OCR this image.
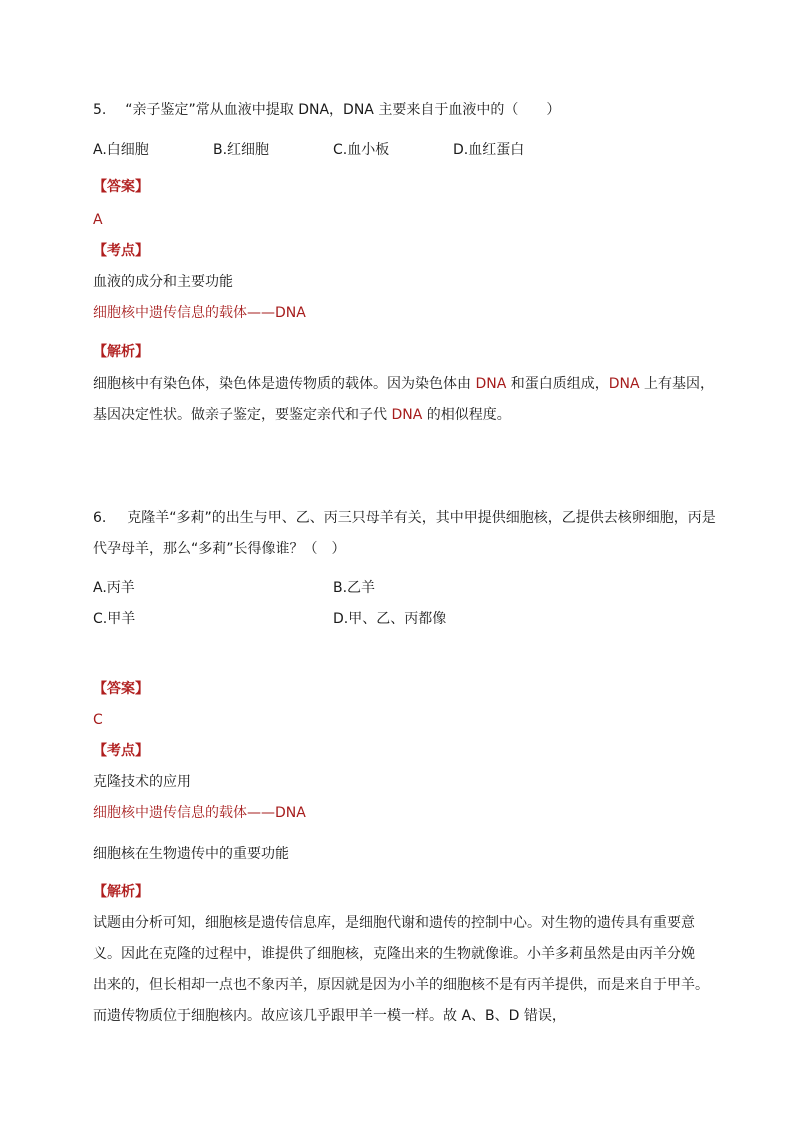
5. “亲子鉴定”常从血液中提取 DNA，DNA 主要来自于血液中的（　　）
A.白细胞	B.红细胞	C.血小板	D.血红蛋白
【答案】
A
【考点】
血液的成分和主要功能
细胞核中遗传信息的载体——DNA
【解析】
细胞核中有染色体，染色体是遗传物质的载体。因为染色体由 DNA 和蛋白质组成，DNA 上有基因，
基因决定性状。做亲子鉴定，要鉴定亲代和子代 DNA 的相似程度。
6. 克隆羊“多莉”的出生与甲、乙、丙三只母羊有关，其中甲提供细胞核，乙提供去核卵细胞，丙是
代孕母羊，那么“多莉”长得像谁？（　）
A.丙羊	B.乙羊
C.甲羊	D.甲、乙、丙都像
【答案】
C
【考点】
克隆技术的应用
细胞核中遗传信息的载体——DNA
细胞核在生物遗传中的重要功能
【解析】
试题由分析可知，细胞核是遗传信息库，是细胞代谢和遗传的控制中心。对生物的遗传具有重要意
义。因此在克隆的过程中，谁提供了细胞核，克隆出来的生物就像谁。小羊多莉虽然是由丙羊分娩
出来的，但长相却一点也不象丙羊，原因就是因为小羊的细胞核不是有丙羊提供，而是来自于甲羊。
而遗传物质位于细胞核内。故应该几乎跟甲羊一模一样。故 A、B、D 错误，
